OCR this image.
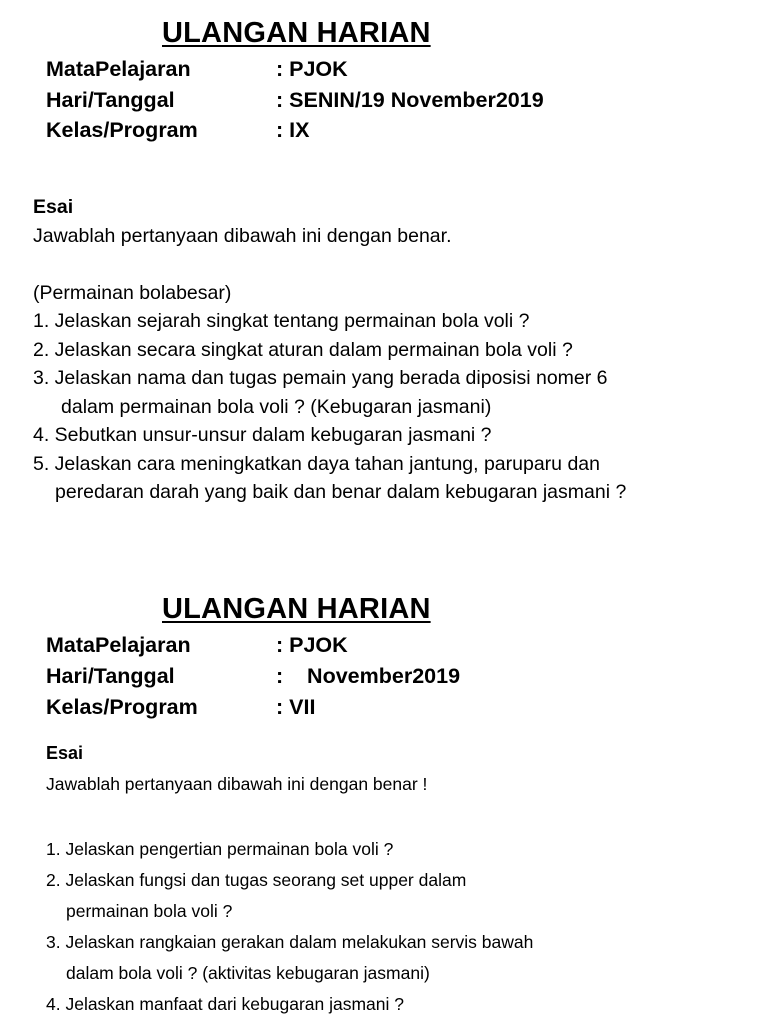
ULANGAN HARIAN
MataPelajaran	: PJOK
Hari/Tanggal	: SENIN/19 November2019
Kelas/Program	: IX
Esai
Jawablah pertanyaan dibawah ini dengan benar.
(Permainan bolabesar)
1. Jelaskan sejarah singkat tentang permainan bola voli ?
2. Jelaskan secara singkat aturan dalam permainan bola voli ?
3. Jelaskan nama dan tugas pemain yang berada diposisi nomer 6
dalam permainan bola voli ? (Kebugaran jasmani)
4. Sebutkan unsur-unsur dalam kebugaran jasmani ?
5. Jelaskan cara meningkatkan daya tahan jantung, paruparu dan
peredaran darah yang baik dan benar dalam kebugaran jasmani ?
ULANGAN HARIAN
MataPelajaran	: PJOK
Hari/Tanggal	:    November2019
Kelas/Program	: VII
Esai
Jawablah pertanyaan dibawah ini dengan benar !
1. Jelaskan pengertian permainan bola voli ?
2. Jelaskan fungsi dan tugas seorang set upper dalam
permainan bola voli ?
3. Jelaskan rangkaian gerakan dalam melakukan servis bawah
dalam bola voli ? (aktivitas kebugaran jasmani)
4. Jelaskan manfaat dari kebugaran jasmani ?
